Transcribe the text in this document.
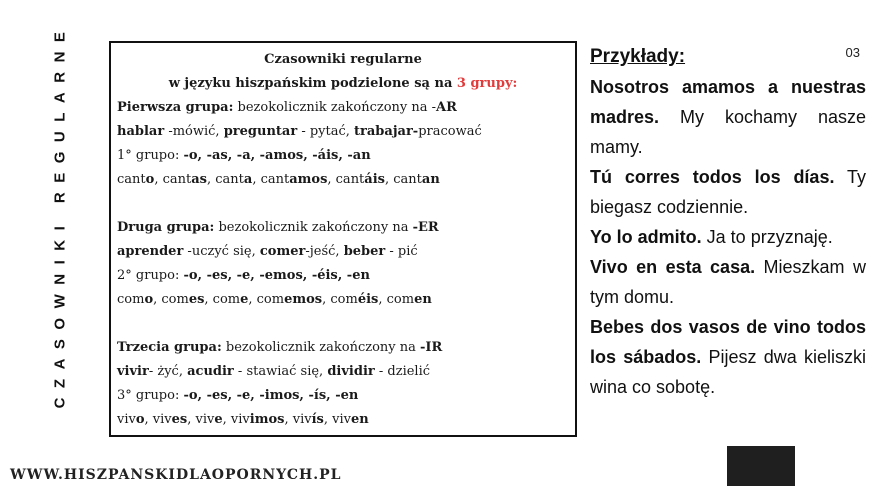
CZASOWNIKI REGULARNE	03
Czasowniki regularne
w języku hiszpańskim podzielone są na 3 grupy:
Pierwsza grupa: bezokolicznik zakończony na -AR
hablar -mówić, preguntar - pytać, trabajar-pracować
1° grupo: -o, -as, -a, -amos, -áis, -an
canto, cantas, canta, cantamos, cantáis, cantan
Druga grupa: bezokolicznik zakończony na -ER
aprender -uczyć się, comer-jeść, beber - pić
2° grupo: -o, -es, -e, -emos, -éis, -en
como, comes, come, comemos, coméis, comen
Trzecia grupa: bezokolicznik zakończony na -IR
vivir- żyć, acudir - stawiać się, dividir - dzielić
3° grupo: -o, -es, -e, -imos, -ís, -en
vivo, vives, vive, vivimos, vivís, viven
Przykłady:
Nosotros amamos a nuestras madres. My kochamy nasze mamy.
Tú corres todos los días. Ty biegasz codziennie.
Yo lo admito. Ja to przyznaję.
Vivo en esta casa. Mieszkam w tym domu.
Bebes dos vasos de vino todos los sábados. Pijesz dwa kieliszki wina co sobotę.
WWW.HISZPANSKIDLAOPORNYCH.PL
